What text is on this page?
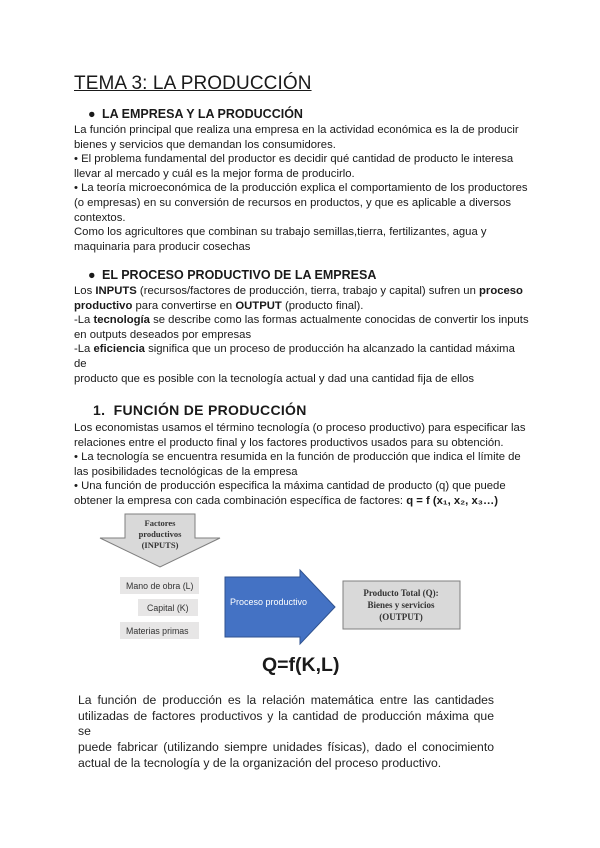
TEMA 3: LA PRODUCCIÓN
● LA EMPRESA Y LA PRODUCCIÓN
La función principal que realiza una empresa en la actividad económica es la de producir
bienes y servicios que demandan los consumidores.
• El problema fundamental del productor es decidir qué cantidad de producto le interesa
llevar al mercado y cuál es la mejor forma de producirlo.
• La teoría microeconómica de la producción explica el comportamiento de los productores
(o empresas) en su conversión de recursos en productos, y que es aplicable a diversos
contextos.
Como los agricultores que combinan su trabajo semillas,tierra, fertilizantes, agua y
maquinaria para producir cosechas
● EL PROCESO PRODUCTIVO DE LA EMPRESA
Los INPUTS (recursos/factores de producción, tierra, trabajo y capital) sufren un proceso
productivo para convertirse en OUTPUT (producto final).
-La tecnología se describe como las formas actualmente conocidas de convertir los inputs
en outputs deseados por empresas
-La eficiencia significa que un proceso de producción ha alcanzado la cantidad máxima de
producto que es posible con la tecnología actual y dad una cantidad fija de ellos
1. FUNCIÓN DE PRODUCCIÓN
Los economistas usamos el término tecnología (o proceso productivo) para especificar las
relaciones entre el producto final y los factores productivos usados para su obtención.
• La tecnología se encuentra resumida en la función de producción que indica el límite de
las posibilidades tecnológicas de la empresa
• Una función de producción especifica la máxima cantidad de producto (q) que puede
obtener la empresa con cada combinación específica de factores: q = f (x₁, x₂, x₃…)
Factores
productivos
(INPUTS)
Mano de obra (L)
Capital (K)
Materias primas
Proceso productivo
Producto Total (Q):
Bienes y servicios
(OUTPUT)
Q=f(K,L)
La función de producción es la relación matemática entre las cantidades
utilizadas de factores productivos y la cantidad de producción máxima que se
puede fabricar (utilizando siempre unidades físicas), dado el conocimiento
actual de la tecnología y de la organización del proceso productivo.
